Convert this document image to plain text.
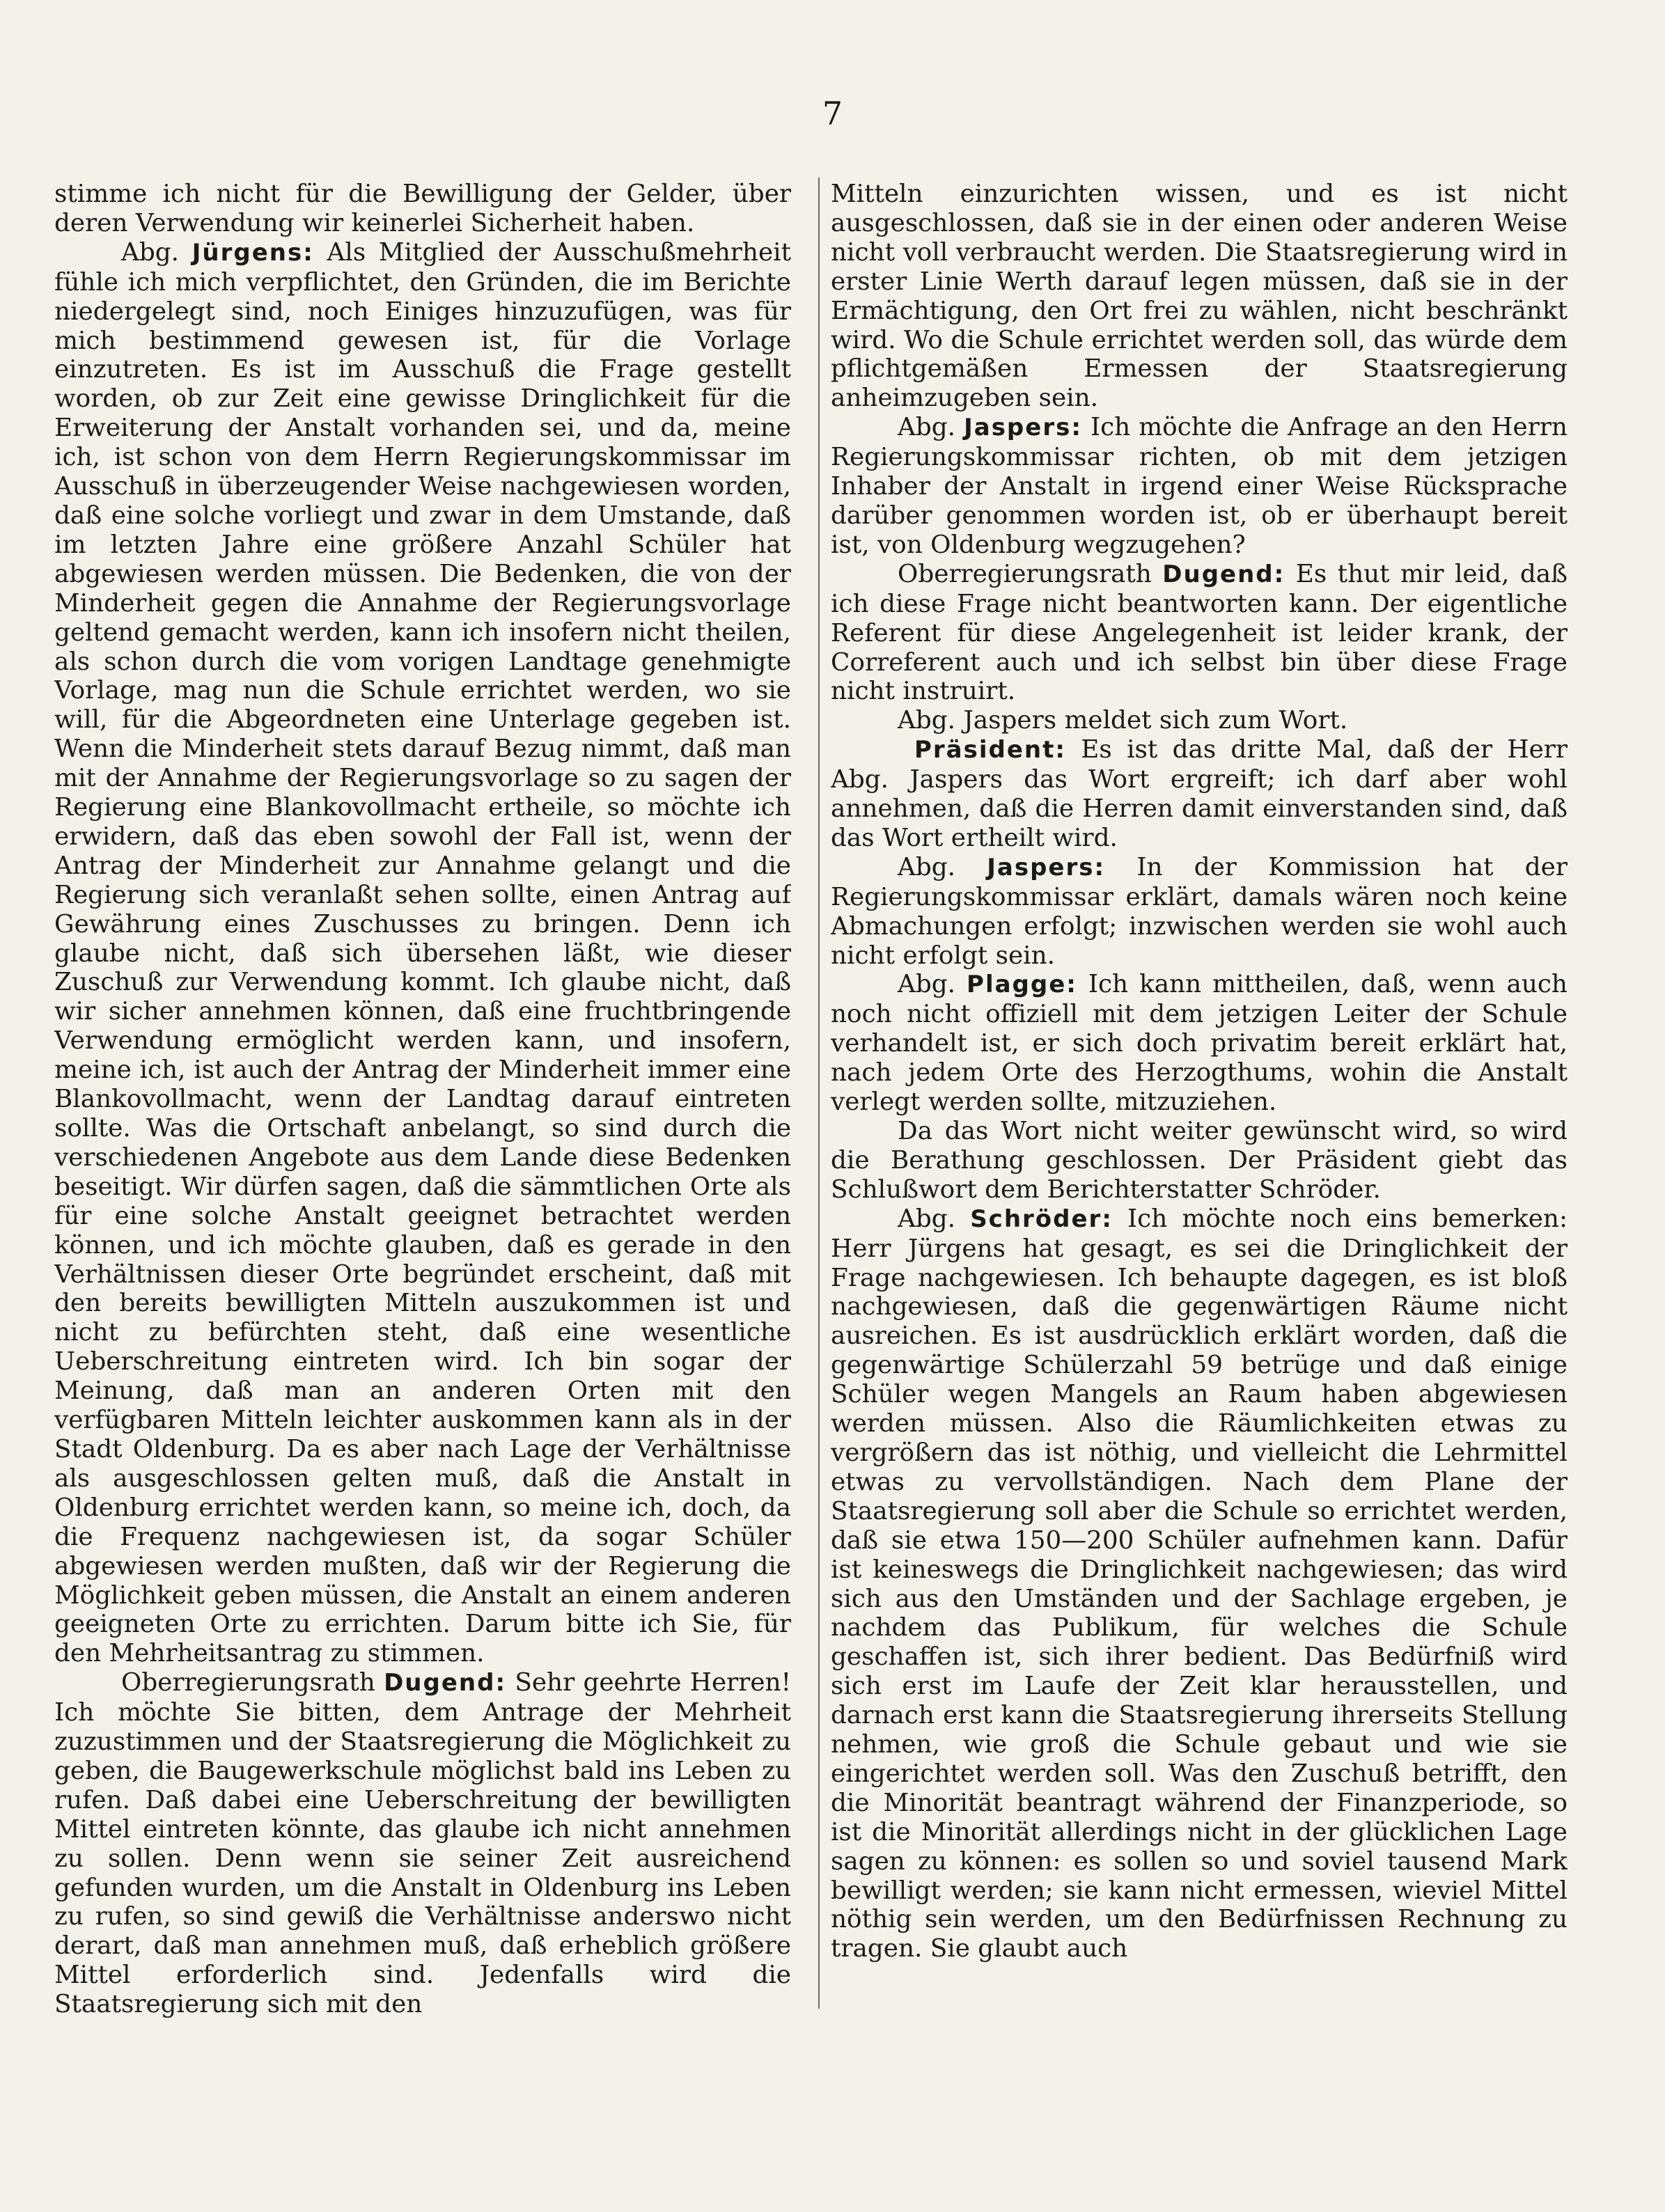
7

stimme ich nicht für die Bewilligung der Gelder, über deren Verwendung wir keinerlei Sicherheit haben.

Abg. Jürgens: Als Mitglied der Ausschußmehrheit fühle ich mich verpflichtet, den Gründen, die im Berichte niedergelegt sind, noch Einiges hinzuzufügen, was für mich bestimmend gewesen ist, für die Vorlage einzutreten. Es ist im Ausschuß die Frage gestellt worden, ob zur Zeit eine gewisse Dringlichkeit für die Erweiterung der Anstalt vorhanden sei, und da, meine ich, ist schon von dem Herrn Regierungskommissar im Ausschuß in überzeugender Weise nachgewiesen worden, daß eine solche vorliegt und zwar in dem Umstande, daß im letzten Jahre eine größere Anzahl Schüler hat abgewiesen werden müssen. Die Bedenken, die von der Minderheit gegen die Annahme der Regierungsvorlage geltend gemacht werden, kann ich insofern nicht theilen, als schon durch die vom vorigen Landtage genehmigte Vorlage, mag nun die Schule errichtet werden, wo sie will, für die Abgeordneten eine Unterlage gegeben ist. Wenn die Minderheit stets darauf Bezug nimmt, daß man mit der Annahme der Regierungsvorlage so zu sagen der Regierung eine Blankovollmacht ertheile, so möchte ich erwidern, daß das eben sowohl der Fall ist, wenn der Antrag der Minderheit zur Annahme gelangt und die Regierung sich veranlaßt sehen sollte, einen Antrag auf Gewährung eines Zuschusses zu bringen. Denn ich glaube nicht, daß sich übersehen läßt, wie dieser Zuschuß zur Verwendung kommt. Ich glaube nicht, daß wir sicher annehmen können, daß eine fruchtbringende Verwendung ermöglicht werden kann, und insofern, meine ich, ist auch der Antrag der Minderheit immer eine Blankovollmacht, wenn der Landtag darauf eintreten sollte. Was die Ortschaft anbelangt, so sind durch die verschiedenen Angebote aus dem Lande diese Bedenken beseitigt. Wir dürfen sagen, daß die sämmtlichen Orte als für eine solche Anstalt geeignet betrachtet werden können, und ich möchte glauben, daß es gerade in den Verhältnissen dieser Orte begründet erscheint, daß mit den bereits bewilligten Mitteln auszukommen ist und nicht zu befürchten steht, daß eine wesentliche Ueberschreitung eintreten wird. Ich bin sogar der Meinung, daß man an anderen Orten mit den verfügbaren Mitteln leichter auskommen kann als in der Stadt Oldenburg. Da es aber nach Lage der Verhältnisse als ausgeschlossen gelten muß, daß die Anstalt in Oldenburg errichtet werden kann, so meine ich, doch, da die Frequenz nachgewiesen ist, da sogar Schüler abgewiesen werden mußten, daß wir der Regierung die Möglichkeit geben müssen, die Anstalt an einem anderen geeigneten Orte zu errichten. Darum bitte ich Sie, für den Mehrheitsantrag zu stimmen.

Oberregierungsrath Dugend: Sehr geehrte Herren! Ich möchte Sie bitten, dem Antrage der Mehrheit zuzustimmen und der Staatsregierung die Möglichkeit zu geben, die Baugewerkschule möglichst bald ins Leben zu rufen. Daß dabei eine Ueberschreitung der bewilligten Mittel eintreten könnte, das glaube ich nicht annehmen zu sollen. Denn wenn sie seiner Zeit ausreichend gefunden wurden, um die Anstalt in Oldenburg ins Leben zu rufen, so sind gewiß die Verhältnisse anderswo nicht derart, daß man annehmen muß, daß erheblich größere Mittel erforderlich sind. Jedenfalls wird die Staatsregierung sich mit den

Mitteln einzurichten wissen, und es ist nicht ausgeschlossen, daß sie in der einen oder anderen Weise nicht voll verbraucht werden. Die Staatsregierung wird in erster Linie Werth darauf legen müssen, daß sie in der Ermächtigung, den Ort frei zu wählen, nicht beschränkt wird. Wo die Schule errichtet werden soll, das würde dem pflichtgemäßen Ermessen der Staatsregierung anheimzugeben sein.

Abg. Jaspers: Ich möchte die Anfrage an den Herrn Regierungskommissar richten, ob mit dem jetzigen Inhaber der Anstalt in irgend einer Weise Rücksprache darüber genommen worden ist, ob er überhaupt bereit ist, von Oldenburg wegzugehen?

Oberregierungsrath Dugend: Es thut mir leid, daß ich diese Frage nicht beantworten kann. Der eigentliche Referent für diese Angelegenheit ist leider krank, der Correferent auch und ich selbst bin über diese Frage nicht instruirt.

Abg. Jaspers meldet sich zum Wort.

Präsident: Es ist das dritte Mal, daß der Herr Abg. Jaspers das Wort ergreift; ich darf aber wohl annehmen, daß die Herren damit einverstanden sind, daß das Wort ertheilt wird.

Abg. Jaspers: In der Kommission hat der Regierungskommissar erklärt, damals wären noch keine Abmachungen erfolgt; inzwischen werden sie wohl auch nicht erfolgt sein.

Abg. Plagge: Ich kann mittheilen, daß, wenn auch noch nicht offiziell mit dem jetzigen Leiter der Schule verhandelt ist, er sich doch privatim bereit erklärt hat, nach jedem Orte des Herzogthums, wohin die Anstalt verlegt werden sollte, mitzuziehen.

Da das Wort nicht weiter gewünscht wird, so wird die Berathung geschlossen. Der Präsident giebt das Schlußwort dem Berichterstatter Schröder.

Abg. Schröder: Ich möchte noch eins bemerken: Herr Jürgens hat gesagt, es sei die Dringlichkeit der Frage nachgewiesen. Ich behaupte dagegen, es ist bloß nachgewiesen, daß die gegenwärtigen Räume nicht ausreichen. Es ist ausdrücklich erklärt worden, daß die gegenwärtige Schülerzahl 59 betrüge und daß einige Schüler wegen Mangels an Raum haben abgewiesen werden müssen. Also die Räumlichkeiten etwas zu vergrößern das ist nöthig, und vielleicht die Lehrmittel etwas zu vervollständigen. Nach dem Plane der Staatsregierung soll aber die Schule so errichtet werden, daß sie etwa 150—200 Schüler aufnehmen kann. Dafür ist keineswegs die Dringlichkeit nachgewiesen; das wird sich aus den Umständen und der Sachlage ergeben, je nachdem das Publikum, für welches die Schule geschaffen ist, sich ihrer bedient. Das Bedürfniß wird sich erst im Laufe der Zeit klar herausstellen, und darnach erst kann die Staatsregierung ihrerseits Stellung nehmen, wie groß die Schule gebaut und wie sie eingerichtet werden soll. Was den Zuschuß betrifft, den die Minorität beantragt während der Finanzperiode, so ist die Minorität allerdings nicht in der glücklichen Lage sagen zu können: es sollen so und soviel tausend Mark bewilligt werden; sie kann nicht ermessen, wieviel Mittel nöthig sein werden, um den Bedürfnissen Rechnung zu tragen. Sie glaubt auch
